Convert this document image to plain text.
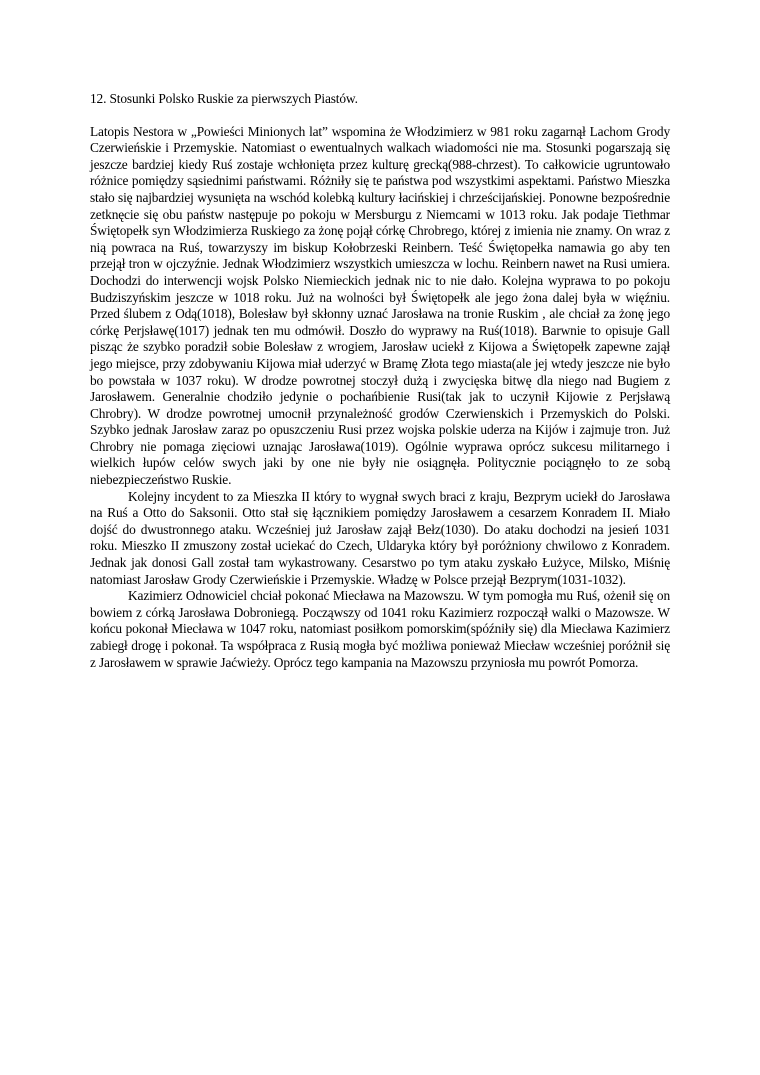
12. Stosunki Polsko Ruskie za pierwszych Piastów.

Latopis Nestora w „Powieści Minionych lat” wspomina że Włodzimierz w 981 roku zagarnął Lachom Grody Czerwieńskie i Przemyskie. Natomiast o ewentualnych walkach wiadomości nie ma. Stosunki pogarszają się jeszcze bardziej kiedy Ruś zostaje wchłonięta przez kulturę grecką(988-chrzest). To całkowicie ugruntowało różnice pomiędzy sąsiednimi państwami. Różniły się te państwa pod wszystkimi aspektami. Państwo Mieszka stało się najbardziej wysunięta na wschód kolebką kultury łacińskiej i chrześcijańskiej. Ponowne bezpośrednie zetknęcie się obu państw następuje po pokoju w Mersburgu z Niemcami w 1013 roku. Jak podaje Tiethmar Świętopełk syn Włodzimierza Ruskiego za żonę pojął córkę Chrobrego, której z imienia nie znamy. On wraz z nią powraca na Ruś, towarzyszy im biskup Kołobrzeski Reinbern. Teść Świętopełka namawia go aby ten przejął tron w ojczyźnie. Jednak Włodzimierz wszystkich umieszcza w lochu. Reinbern nawet na Rusi umiera. Dochodzi do interwencji wojsk Polsko Niemieckich jednak nic to nie dało. Kolejna wyprawa to po pokoju Budziszyńskim jeszcze w 1018 roku. Już na wolności był Świętopełk ale jego żona dalej była w więźniu. Przed ślubem z Odą(1018), Bolesław był skłonny uznać Jarosława na tronie Ruskim , ale chciał za żonę jego córkę Perjsławę(1017) jednak ten mu odmówił. Doszło do wyprawy na Ruś(1018). Barwnie to opisuje Gall pisząc że szybko poradził sobie Bolesław z wrogiem, Jarosław uciekł z Kijowa a Świętopełk zapewne zajął jego miejsce, przy zdobywaniu Kijowa miał uderzyć w Bramę Złota tego miasta(ale jej wtedy jeszcze nie było bo powstała w 1037 roku). W drodze powrotnej stoczył dużą i zwycięska bitwę dla niego nad Bugiem z Jarosławem. Generalnie chodziło jedynie o pochańbienie Rusi(tak jak to uczynił Kijowie z Perjsławą Chrobry). W drodze powrotnej umocnił przynależność grodów Czerwienskich i Przemyskich do Polski. Szybko jednak Jarosław zaraz po opuszczeniu Rusi przez wojska polskie uderza na Kijów i zajmuje tron. Już Chrobry nie pomaga zięciowi uznając Jarosława(1019). Ogólnie wyprawa oprócz sukcesu militarnego i wielkich łupów celów swych jaki by one nie były nie osiągnęła. Politycznie pociągnęło to ze sobą niebezpieczeństwo Ruskie.

Kolejny incydent to za Mieszka II który to wygnał swych braci z kraju, Bezprym uciekł do Jarosława na Ruś a Otto do Saksonii. Otto stał się łącznikiem pomiędzy Jarosławem a cesarzem Konradem II. Miało dojść do dwustronnego ataku. Wcześniej już Jarosław zajął Bełz(1030). Do ataku dochodzi na jesień 1031 roku. Mieszko II zmuszony został uciekać do Czech, Uldaryka który był poróżniony chwilowo z Konradem. Jednak jak donosi Gall został tam wykastrowany. Cesarstwo po tym ataku zyskało Łużyce, Milsko, Miśnię natomiast Jarosław Grody Czerwieńskie i Przemyskie. Władzę w Polsce przejął Bezprym(1031-1032).

Kazimierz Odnowiciel chciał pokonać Miecława na Mazowszu. W tym pomogła mu Ruś, ożenił się on bowiem z córką Jarosława Dobroniegą. Począwszy od 1041 roku Kazimierz rozpoczął walki o Mazowsze. W końcu pokonał Miecława w 1047 roku, natomiast posiłkom pomorskim(spóźniły się) dla Miecława Kazimierz zabiegł drogę i pokonał. Ta współpraca z Rusią mogła być możliwa ponieważ Miecław wcześniej poróżnił się z Jarosławem w sprawie Jaćwieży. Oprócz tego kampania na Mazowszu przyniosła mu powrót Pomorza.
